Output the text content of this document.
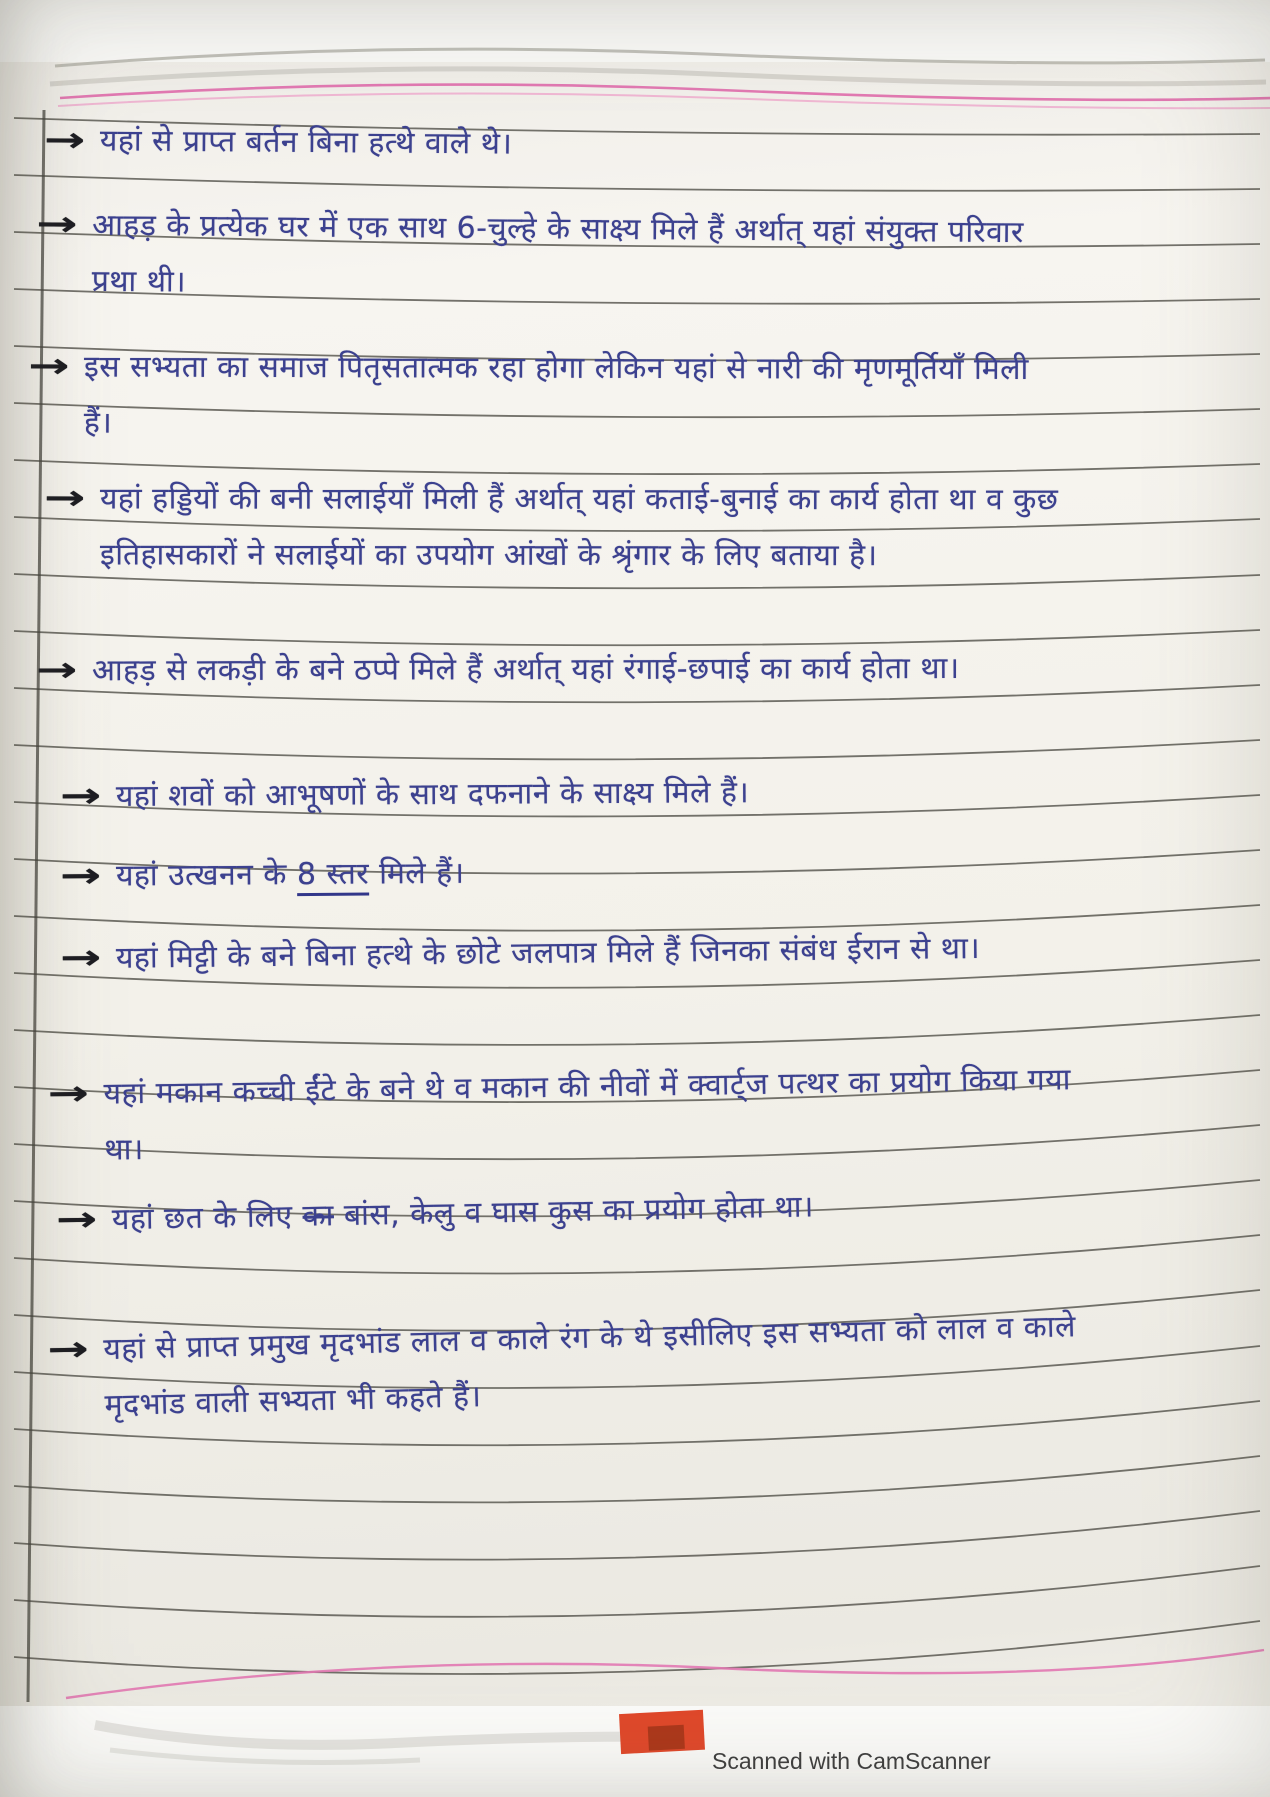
→ यहां से प्राप्त बर्तन बिना हत्थे वाले थे।
→ आहड़ के प्रत्येक घर में एक साथ 6-चुल्हे के साक्ष्य मिले हैं अर्थात् यहां संयुक्त परिवार प्रथा थी।
→ इस सभ्यता का समाज पितृसतात्मक रहा होगा लेकिन यहां से नारी की मृणमूर्तियाँ मिली हैं।
→ यहां हड्डियों की बनी सलाईयाँ मिली हैं अर्थात् यहां कताई-बुनाई का कार्य होता था व कुछ इतिहासकारों ने सलाईयों का उपयोग आंखों के श्रृंगार के लिए बताया है।
→ आहड़ से लकड़ी के बने ठप्पे मिले हैं अर्थात् यहां रंगाई-छपाई का कार्य होता था।
→ यहां शवों को आभूषणों के साथ दफनाने के साक्ष्य मिले हैं।
→ यहां उत्खनन के 8 स्तर मिले हैं।
→ यहां मिट्टी के बने बिना हत्थे के छोटे जलपात्र मिले हैं जिनका संबंध ईरान से था।
→ यहां मकान कच्ची ईंटे के बने थे व मकान की नीवों में क्वार्ट्ज पत्थर का प्रयोग किया गया था।
→ यहां छत के लिए का बांस, केलु व घास कुस का प्रयोग होता था।
→ यहां से प्राप्त प्रमुख मृदभांड लाल व काले रंग के थे इसीलिए इस सभ्यता को लाल व काले मृदभांड वाली सभ्यता भी कहते हैं।
Scanned with CamScanner
